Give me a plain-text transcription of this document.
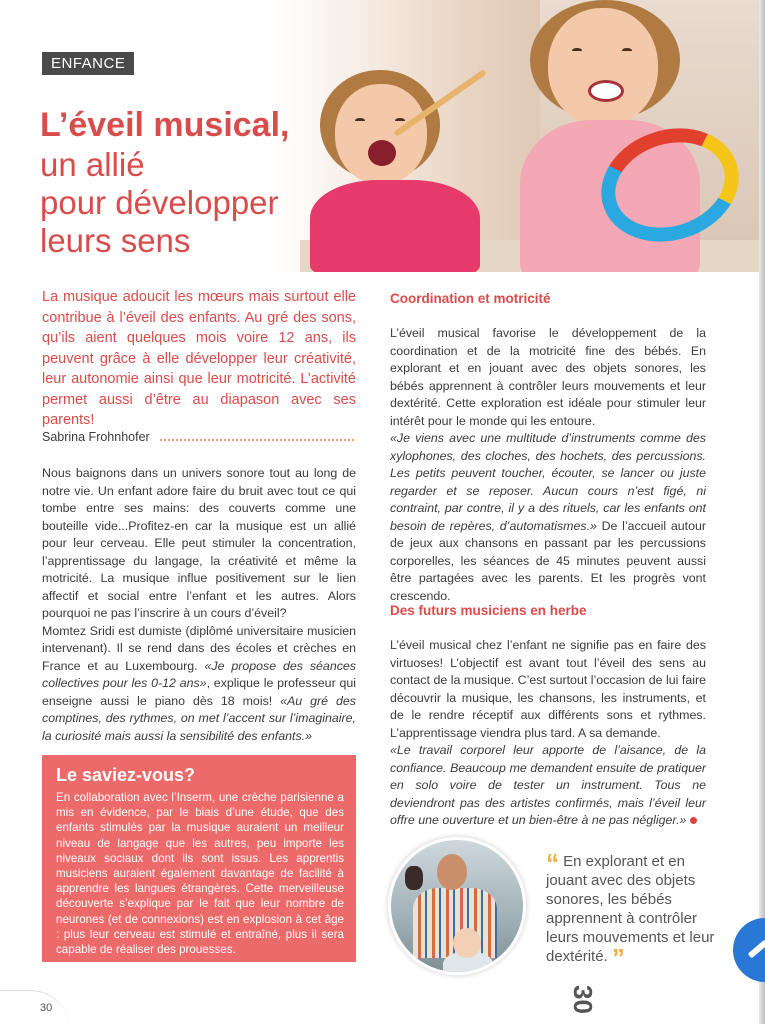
ENFANCE
L’éveil musical,
un allié
pour développer
leurs sens
La musique adoucit les mœurs mais surtout elle contribue à l’éveil des enfants. Au gré des sons, qu’ils aient quelques mois voire 12 ans, ils peuvent grâce à elle développer leur créativité, leur autonomie ainsi que leur motricité. L’activité permet aussi d’être au diapason avec ses parents!
Sabrina Frohnhofer

Nous baignons dans un univers sonore tout au long de notre vie. Un enfant adore faire du bruit avec tout ce qui tombe entre ses mains: des couverts comme une bouteille vide...Profitez-en car la musique est un allié pour leur cerveau. Elle peut stimuler la concentration, l’apprentissage du langage, la créativité et même la motricité. La musique influe positivement sur le lien affectif et social entre l’enfant et les autres. Alors pourquoi ne pas l’inscrire à un cours d’éveil?

Momtez Sridi est dumiste (diplômé universitaire musicien intervenant). Il se rend dans des écoles et crèches en France et au Luxembourg. «Je propose des séances collectives pour les 0-12 ans», explique le professeur qui enseigne aussi le piano dès 18 mois! «Au gré des comptines, des rythmes, on met l’accent sur l’imaginaire, la curiosité mais aussi la sensibilité des enfants.»

Le saviez-vous?

En collaboration avec l’Inserm, une crèche parisienne a mis en évidence, par le biais d’une étude, que des enfants stimulés par la musique auraient un meilleur niveau de langage que les autres, peu importe les niveaux sociaux dont ils sont issus. Les apprentis musiciens auraient également davantage de facilité à apprendre les langues étrangères. Cette merveilleuse découverte s’explique par le fait que leur nombre de neurones (et de connexions) est en explosion à cet âge : plus leur cerveau est stimulé et entraîné, plus il sera capable de réaliser des prouesses.

Coordination et motricité

L’éveil musical favorise le développement de la coordination et de la motricité fine des bébés. En explorant et en jouant avec des objets sonores, les bébés apprennent à contrôler leurs mouvements et leur dextérité. Cette exploration est idéale pour stimuler leur intérêt pour le monde qui les entoure.

«Je viens avec une multitude d’instruments comme des xylophones, des cloches, des hochets, des percussions. Les petits peuvent toucher, écouter, se lancer ou juste regarder et se reposer. Aucun cours n’est figé, ni contraint, par contre, il y a des rituels, car les enfants ont besoin de repères, d’automatismes.» De l’accueil autour de jeux aux chansons en passant par les percussions corporelles, les séances de 45 minutes peuvent aussi être partagées avec les parents. Et les progrès vont crescendo.

Des futurs musiciens en herbe

L’éveil musical chez l’enfant ne signifie pas en faire des virtuoses! L’objectif est avant tout l’éveil des sens au contact de la musique. C’est surtout l’occasion de lui faire découvrir la musique, les chansons, les instruments, et de le rendre réceptif aux différents sons et rythmes. L’apprentissage viendra plus tard. A sa demande.

«Le travail corporel leur apporte de l’aisance, de la confiance. Beaucoup me demandent ensuite de pratiquer en solo voire de tester un instrument. Tous ne deviendront pas des artistes confirmés, mais l’éveil leur offre une ouverture et un bien-être à ne pas négliger.»

“ En explorant et en jouant avec des objets sonores, les bébés apprennent à contrôler leurs mouvements et leur dextérité. ”
30	30
